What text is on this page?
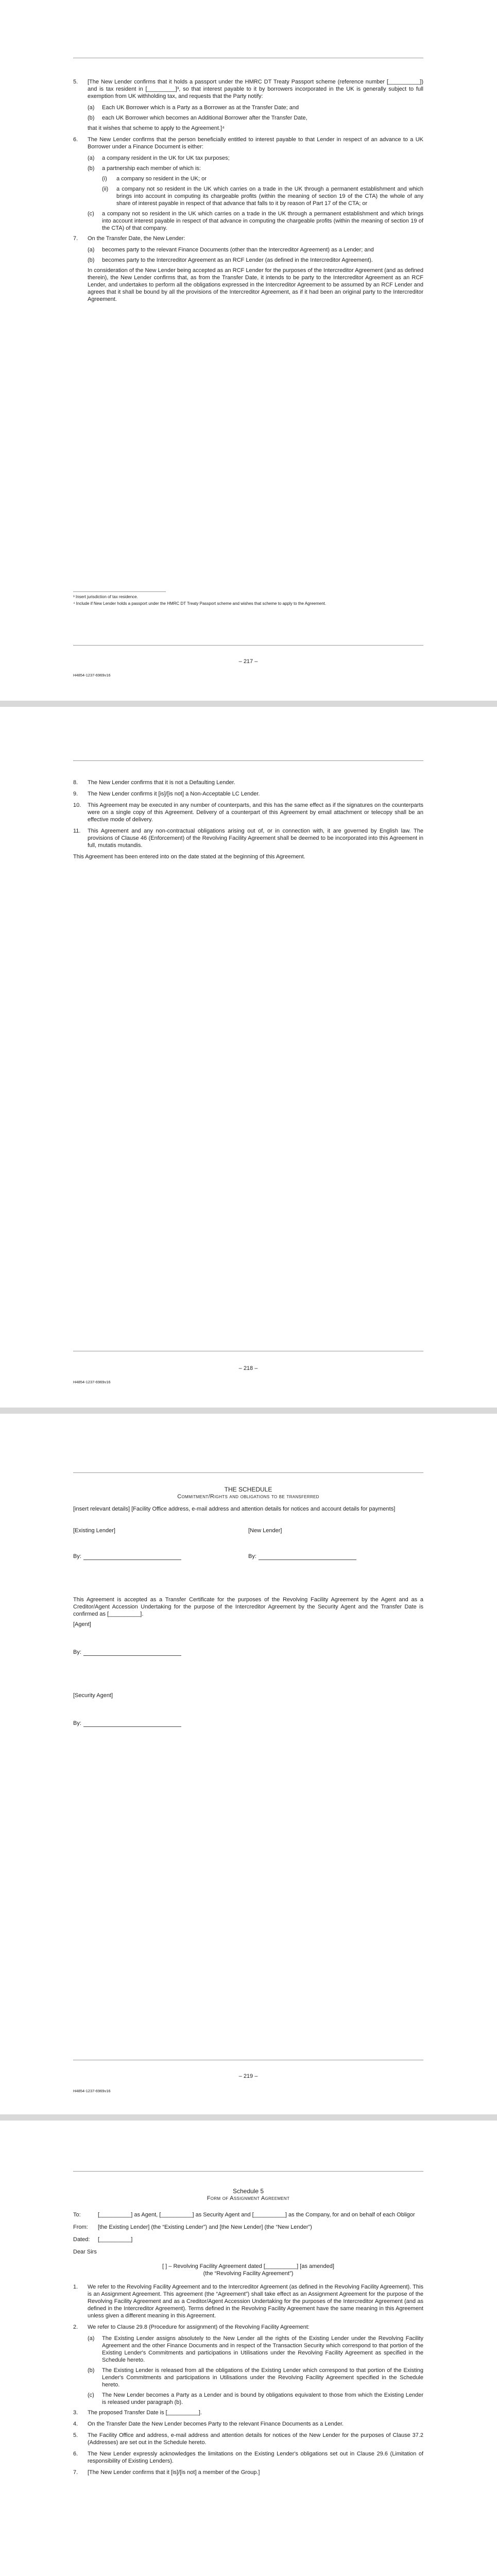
5. [The New Lender confirms that it holds a passport under the HMRC DT Treaty Passport scheme (reference number [__________]) and is tax resident in [_________]³, so that interest payable to it by borrowers incorporated in the UK is generally subject to full exemption from UK withholding tax, and requests that the Party notify:
(a) Each UK Borrower which is a Party as a Borrower as at the Transfer Date; and
(b) each UK Borrower which becomes an Additional Borrower after the Transfer Date,
that it wishes that scheme to apply to the Agreement.]⁴
6. The New Lender confirms that the person beneficially entitled to interest payable to that Lender in respect of an advance to a UK Borrower under a Finance Document is either:
(a) a company resident in the UK for UK tax purposes;
(b) a partnership each member of which is:
(i) a company so resident in the UK; or
(ii) a company not so resident in the UK which carries on a trade in the UK through a permanent establishment and which brings into account in computing its chargeable profits (within the meaning of section 19 of the CTA) the whole of any share of interest payable in respect of that advance that falls to it by reason of Part 17 of the CTA; or
(c) a company not so resident in the UK which carries on a trade in the UK through a permanent establishment and which brings into account interest payable in respect of that advance in computing the chargeable profits (within the meaning of section 19 of the CTA) of that company.
7. On the Transfer Date, the New Lender:
(a) becomes party to the relevant Finance Documents (other than the Intercreditor Agreement) as a Lender; and
(b) becomes party to the Intercreditor Agreement as an RCF Lender (as defined in the Intercreditor Agreement).
In consideration of the New Lender being accepted as an RCF Lender for the purposes of the Intercreditor Agreement (and as defined therein), the New Lender confirms that, as from the Transfer Date, it intends to be party to the Intercreditor Agreement as an RCF Lender, and undertakes to perform all the obligations expressed in the Intercreditor Agreement to be assumed by an RCF Lender and agrees that it shall be bound by all the provisions of the Intercreditor Agreement, as if it had been an original party to the Intercreditor Agreement.
³ Insert jurisdiction of tax residence.
⁴ Include if New Lender holds a passport under the HMRC DT Treaty Passport scheme and wishes that scheme to apply to the Agreement.
– 217 –
H4854-1237-6969v16
8. The New Lender confirms that it is not a Defaulting Lender.
9. The New Lender confirms it [is]/[is not] a Non-Acceptable LC Lender.
10. This Agreement may be executed in any number of counterparts, and this has the same effect as if the signatures on the counterparts were on a single copy of this Agreement. Delivery of a counterpart of this Agreement by email attachment or telecopy shall be an effective mode of delivery.
11. This Agreement and any non-contractual obligations arising out of, or in connection with, it are governed by English law. The provisions of Clause 46 (Enforcement) of the Revolving Facility Agreement shall be deemed to be incorporated into this Agreement in full, mutatis mutandis.
This Agreement has been entered into on the date stated at the beginning of this Agreement.
– 218 –
H4854-1237-6969v16
THE SCHEDULE
Commitment/Rights and obligations to be transferred
[insert relevant details] [Facility Office address, e-mail address and attention details for notices and account details for payments]
[Existing Lender]	[New Lender]
By:	By:
This Agreement is accepted as a Transfer Certificate for the purposes of the Revolving Facility Agreement by the Agent and as a Creditor/Agent Accession Undertaking for the purpose of the Intercreditor Agreement by the Security Agent and the Transfer Date is confirmed as [__________].
[Agent]
By:
[Security Agent]
By:
– 219 –
H4854-1237-6969v16
Schedule 5
Form of Assignment Agreement
To:	[__________] as Agent, [__________] as Security Agent and [__________] as the Company, for and on behalf of each Obligor
From:	[the Existing Lender] (the “Existing Lender”) and [the New Lender] (the “New Lender”)
Dated:	[__________]
Dear Sirs
[ ] – Revolving Facility Agreement dated [__________] [as amended]
(the “Revolving Facility Agreement”)
1. We refer to the Revolving Facility Agreement and to the Intercreditor Agreement (as defined in the Revolving Facility Agreement). This is an Assignment Agreement. This agreement (the “Agreement”) shall take effect as an Assignment Agreement for the purpose of the Revolving Facility Agreement and as a Creditor/Agent Accession Undertaking for the purposes of the Intercreditor Agreement (and as defined in the Intercreditor Agreement). Terms defined in the Revolving Facility Agreement have the same meaning in this Agreement unless given a different meaning in this Agreement.
2. We refer to Clause 29.8 (Procedure for assignment) of the Revolving Facility Agreement:
(a) The Existing Lender assigns absolutely to the New Lender all the rights of the Existing Lender under the Revolving Facility Agreement and the other Finance Documents and in respect of the Transaction Security which correspond to that portion of the Existing Lender's Commitments and participations in Utilisations under the Revolving Facility Agreement as specified in the Schedule hereto.
(b) The Existing Lender is released from all the obligations of the Existing Lender which correspond to that portion of the Existing Lender's Commitments and participations in Utilisations under the Revolving Facility Agreement specified in the Schedule hereto.
(c) The New Lender becomes a Party as a Lender and is bound by obligations equivalent to those from which the Existing Lender is released under paragraph (b).
3. The proposed Transfer Date is [__________].
4. On the Transfer Date the New Lender becomes Party to the relevant Finance Documents as a Lender.
5. The Facility Office and address, e-mail address and attention details for notices of the New Lender for the purposes of Clause 37.2 (Addresses) are set out in the Schedule hereto.
6. The New Lender expressly acknowledges the limitations on the Existing Lender's obligations set out in Clause 29.6 (Limitation of responsibility of Existing Lenders).
7. [The New Lender confirms that it [is]/[is not] a member of the Group.]
